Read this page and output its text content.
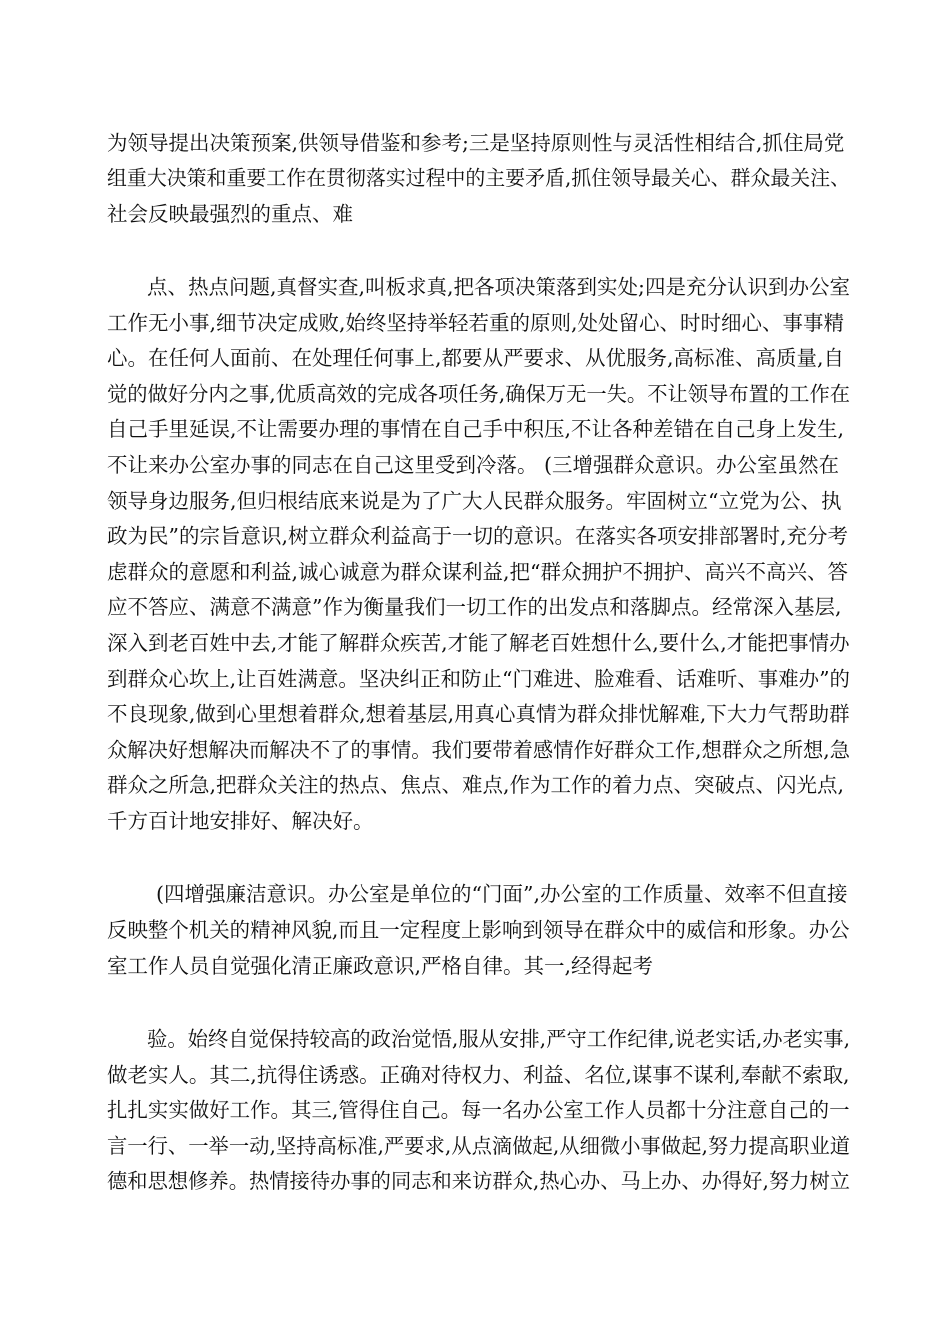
为领导提出决策预案,供领导借鉴和参考;三是坚持原则性与灵活性相结合,抓住局党
组重大决策和重要工作在贯彻落实过程中的主要矛盾,抓住领导最关心、群众最关注、
社会反映最强烈的重点、难
点、热点问题,真督实查,叫板求真,把各项决策落到实处;四是充分认识到办公室
工作无小事,细节决定成败,始终坚持举轻若重的原则,处处留心、时时细心、事事精
心。在任何人面前、在处理任何事上,都要从严要求、从优服务,高标准、高质量,自
觉的做好分内之事,优质高效的完成各项任务,确保万无一失。不让领导布置的工作在
自己手里延误,不让需要办理的事情在自己手中积压,不让各种差错在自己身上发生,
不让来办公室办事的同志在自己这里受到冷落。 (三增强群众意识。办公室虽然在
领导身边服务,但归根结底来说是为了广大人民群众服务。牢固树立“立党为公、执
政为民”的宗旨意识,树立群众利益高于一切的意识。在落实各项安排部署时,充分考
虑群众的意愿和利益,诚心诚意为群众谋利益,把“群众拥护不拥护、高兴不高兴、答
应不答应、满意不满意”作为衡量我们一切工作的出发点和落脚点。经常深入基层,
深入到老百姓中去,才能了解群众疾苦,才能了解老百姓想什么,要什么,才能把事情办
到群众心坎上,让百姓满意。坚决纠正和防止“门难进、脸难看、话难听、事难办”的
不良现象,做到心里想着群众,想着基层,用真心真情为群众排忧解难,下大力气帮助群
众解决好想解决而解决不了的事情。我们要带着感情作好群众工作,想群众之所想,急
群众之所急,把群众关注的热点、焦点、难点,作为工作的着力点、突破点、闪光点,
千方百计地安排好、解决好。
(四增强廉洁意识。办公室是单位的“门面”,办公室的工作质量、效率不但直接
反映整个机关的精神风貌,而且一定程度上影响到领导在群众中的威信和形象。办公
室工作人员自觉强化清正廉政意识,严格自律。其一,经得起考
验。始终自觉保持较高的政治觉悟,服从安排,严守工作纪律,说老实话,办老实事,
做老实人。其二,抗得住诱惑。正确对待权力、利益、名位,谋事不谋利,奉献不索取,
扎扎实实做好工作。其三,管得住自己。每一名办公室工作人员都十分注意自己的一
言一行、一举一动,坚持高标准,严要求,从点滴做起,从细微小事做起,努力提高职业道
德和思想修养。热情接待办事的同志和来访群众,热心办、马上办、办得好,努力树立
